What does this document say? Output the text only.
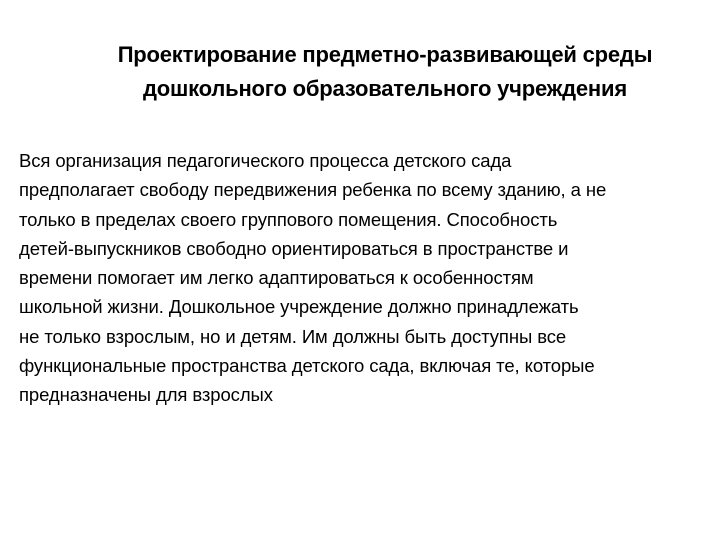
Проектирование предметно-развивающей среды
дошкольного образовательного учреждения

Вся организация педагогического процесса детского сада
предполагает свободу передвижения ребенка по всему зданию, а не
только в пределах своего группового помещения. Способность
детей-выпускников свободно ориентироваться в пространстве и
времени помогает им легко адаптироваться к особенностям
школьной жизни. Дошкольное учреждение должно принадлежать
не только взрослым, но и детям. Им должны быть доступны все
функциональные пространства детского сада, включая те, которые
предназначены для взрослых
